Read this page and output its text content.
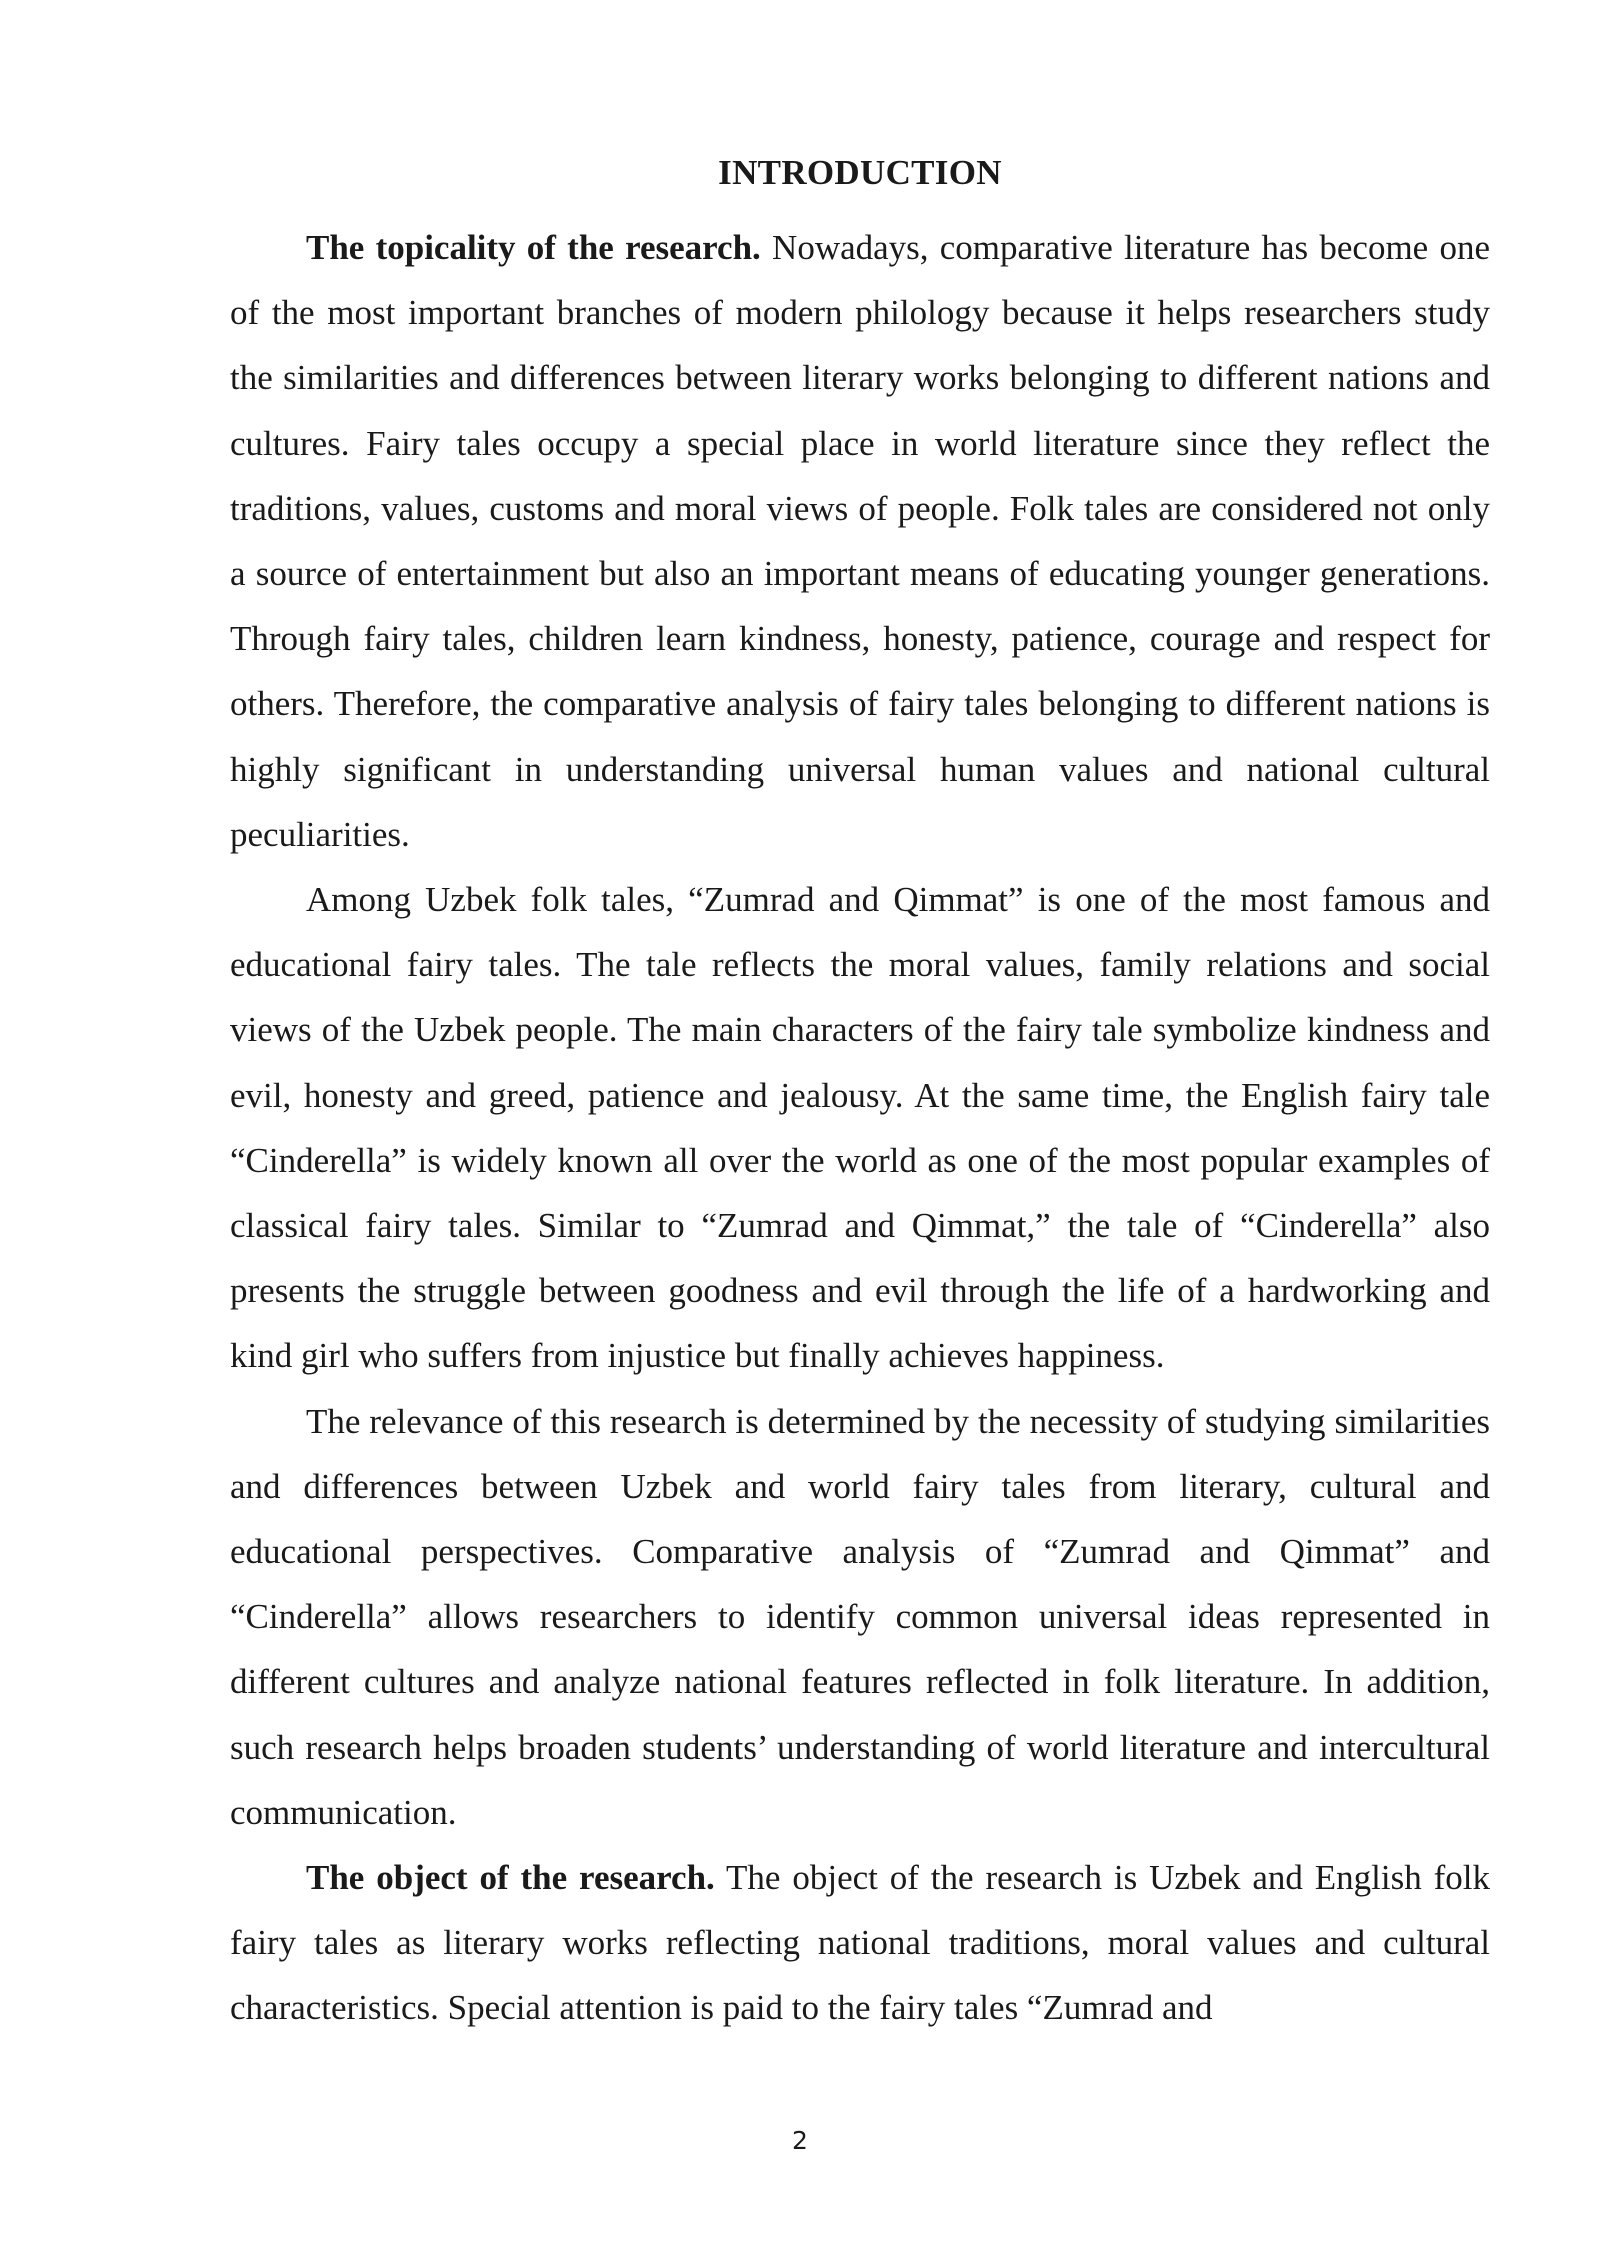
INTRODUCTION

The topicality of the research. Nowadays, comparative literature has become one of the most important branches of modern philology because it helps researchers study the similarities and differences between literary works belonging to different nations and cultures. Fairy tales occupy a special place in world literature since they reflect the traditions, values, customs and moral views of people. Folk tales are considered not only a source of entertainment but also an important means of educating younger generations. Through fairy tales, children learn kindness, honesty, patience, courage and respect for others. Therefore, the comparative analysis of fairy tales belonging to different nations is highly significant in understanding universal human values and national cultural peculiarities.

Among Uzbek folk tales, “Zumrad and Qimmat” is one of the most famous and educational fairy tales. The tale reflects the moral values, family relations and social views of the Uzbek people. The main characters of the fairy tale symbolize kindness and evil, honesty and greed, patience and jealousy. At the same time, the English fairy tale “Cinderella” is widely known all over the world as one of the most popular examples of classical fairy tales. Similar to “Zumrad and Qimmat,” the tale of “Cinderella” also presents the struggle between goodness and evil through the life of a hardworking and kind girl who suffers from injustice but finally achieves happiness.

The relevance of this research is determined by the necessity of studying similarities and differences between Uzbek and world fairy tales from literary, cultural and educational perspectives. Comparative analysis of “Zumrad and Qimmat” and “Cinderella” allows researchers to identify common universal ideas represented in different cultures and analyze national features reflected in folk literature. In addition, such research helps broaden students’ understanding of world literature and intercultural communication.

The object of the research. The object of the research is Uzbek and English folk fairy tales as literary works reflecting national traditions, moral values and cultural characteristics. Special attention is paid to the fairy tales “Zumrad and

2
